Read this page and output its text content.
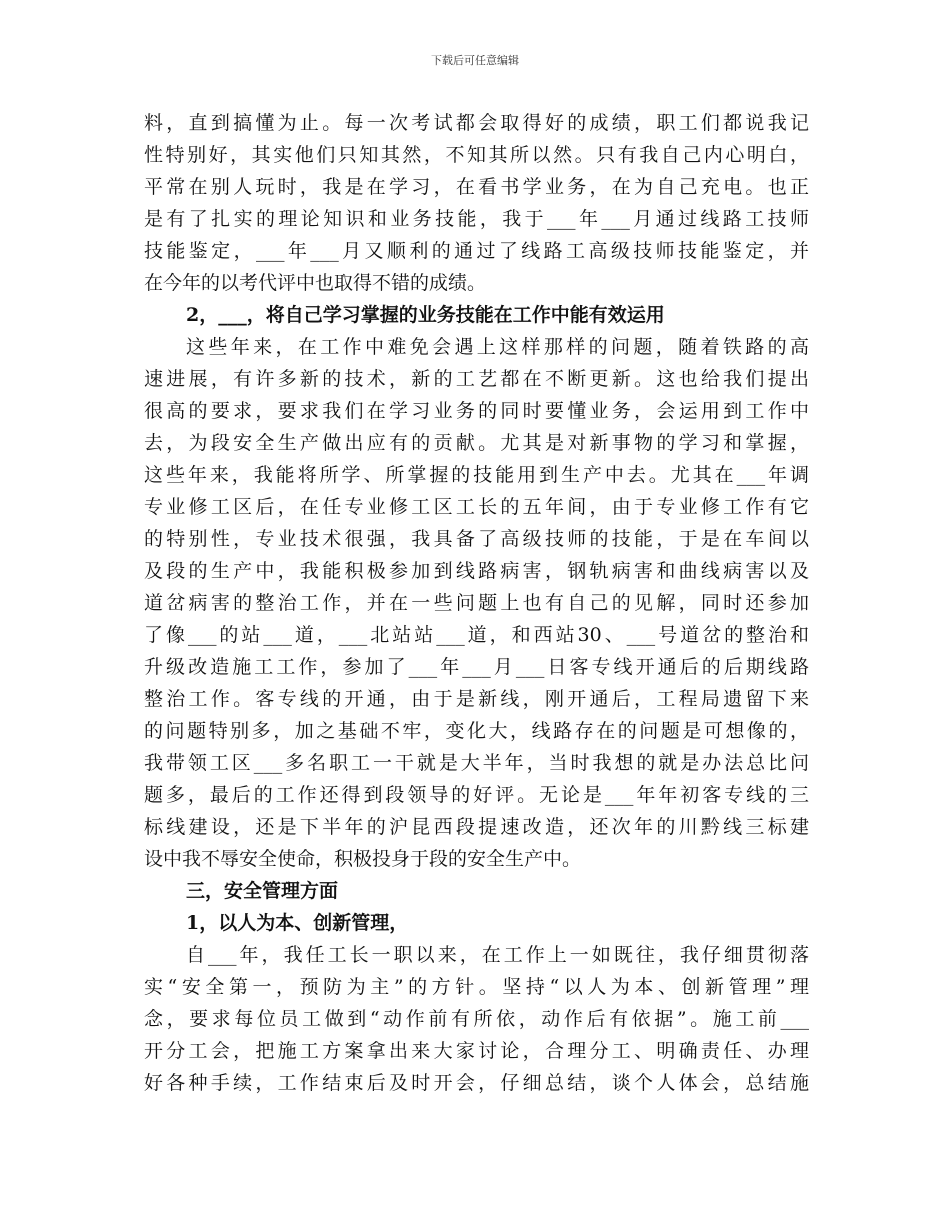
下载后可任意编辑
料，直到搞懂为止。每一次考试都会取得好的成绩，职工们都说我记
性特别好，其实他们只知其然，不知其所以然。只有我自己内心明白，
平常在别人玩时，我是在学习，在看书学业务，在为自己充电。也正
是有了扎实的理论知识和业务技能，我于___年___月通过线路工技师
技能鉴定，___年___月又顺利的通过了线路工高级技师技能鉴定，并
在今年的以考代评中也取得不错的成绩。
2，___，将自己学习掌握的业务技能在工作中能有效运用
这些年来，在工作中难免会遇上这样那样的问题，随着铁路的高
速进展，有许多新的技术，新的工艺都在不断更新。这也给我们提出
很高的要求，要求我们在学习业务的同时要懂业务，会运用到工作中
去，为段安全生产做出应有的贡献。尤其是对新事物的学习和掌握，
这些年来，我能将所学、所掌握的技能用到生产中去。尤其在___年调
专业修工区后，在任专业修工区工长的五年间，由于专业修工作有它
的特别性，专业技术很强，我具备了高级技师的技能，于是在车间以
及段的生产中，我能积极参加到线路病害，钢轨病害和曲线病害以及
道岔病害的整治工作，并在一些问题上也有自己的见解，同时还参加
了像___的站___道，___北站站___道，和西站30、___号道岔的整治和
升级改造施工工作，参加了___年___月___日客专线开通后的后期线路
整治工作。客专线的开通，由于是新线，刚开通后，工程局遗留下来
的问题特别多，加之基础不牢，变化大，线路存在的问题是可想像的，
我带领工区___多名职工一干就是大半年，当时我想的就是办法总比问
题多，最后的工作还得到段领导的好评。无论是___年年初客专线的三
标线建设，还是下半年的沪昆西段提速改造，还次年的川黔线三标建
设中我不辱安全使命，积极投身于段的安全生产中。
三，安全管理方面
1，以人为本、创新管理，
自___年，我任工长一职以来，在工作上一如既往，我仔细贯彻落
实“安全第一，预防为主”的方针。坚持“以人为本、创新管理”理
念，要求每位员工做到“动作前有所依，动作后有依据”。施工前___
开分工会，把施工方案拿出来大家讨论，合理分工、明确责任、办理
好各种手续，工作结束后及时开会，仔细总结，谈个人体会，总结施
